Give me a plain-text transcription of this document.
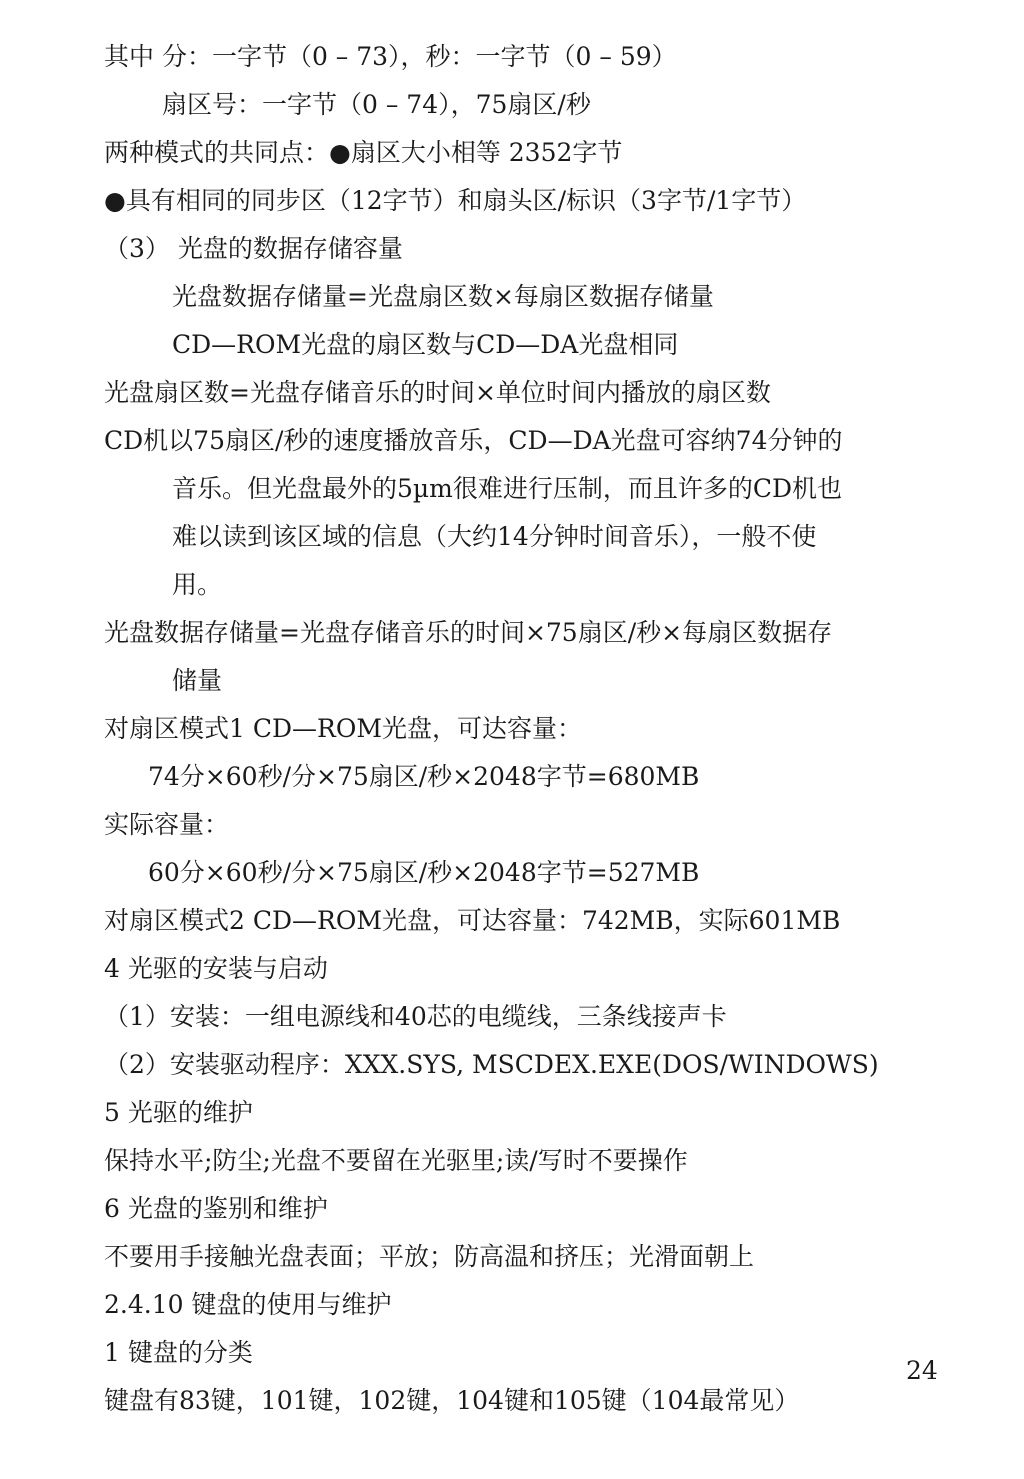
其中 分：一字节（0 – 73），秒：一字节（0 – 59）
扇区号：一字节（0 – 74），75扇区/秒
两种模式的共同点：●扇区大小相等 2352字节
●具有相同的同步区（12字节）和扇头区/标识（3字节/1字节）
（3） 光盘的数据存储容量
光盘数据存储量=光盘扇区数×每扇区数据存储量
CD—ROM光盘的扇区数与CD—DA光盘相同
光盘扇区数=光盘存储音乐的时间×单位时间内播放的扇区数
CD机以75扇区/秒的速度播放音乐，CD—DA光盘可容纳74分钟的
音乐。但光盘最外的5µm很难进行压制，而且许多的CD机也
难以读到该区域的信息（大约14分钟时间音乐），一般不使
用。
光盘数据存储量=光盘存储音乐的时间×75扇区/秒×每扇区数据存
储量
对扇区模式1 CD—ROM光盘，可达容量：
74分×60秒/分×75扇区/秒×2048字节=680MB
实际容量：
60分×60秒/分×75扇区/秒×2048字节=527MB
对扇区模式2 CD—ROM光盘，可达容量：742MB，实际601MB
4 光驱的安装与启动
（1）安装：一组电源线和40芯的电缆线，三条线接声卡
（2）安装驱动程序：XXX.SYS, MSCDEX.EXE(DOS/WINDOWS)
5 光驱的维护
保持水平;防尘;光盘不要留在光驱里;读/写时不要操作
6 光盘的鉴别和维护
不要用手接触光盘表面；平放；防高温和挤压；光滑面朝上
2.4.10 键盘的使用与维护
1 键盘的分类
键盘有83键，101键，102键，104键和105键（104最常见）
24
